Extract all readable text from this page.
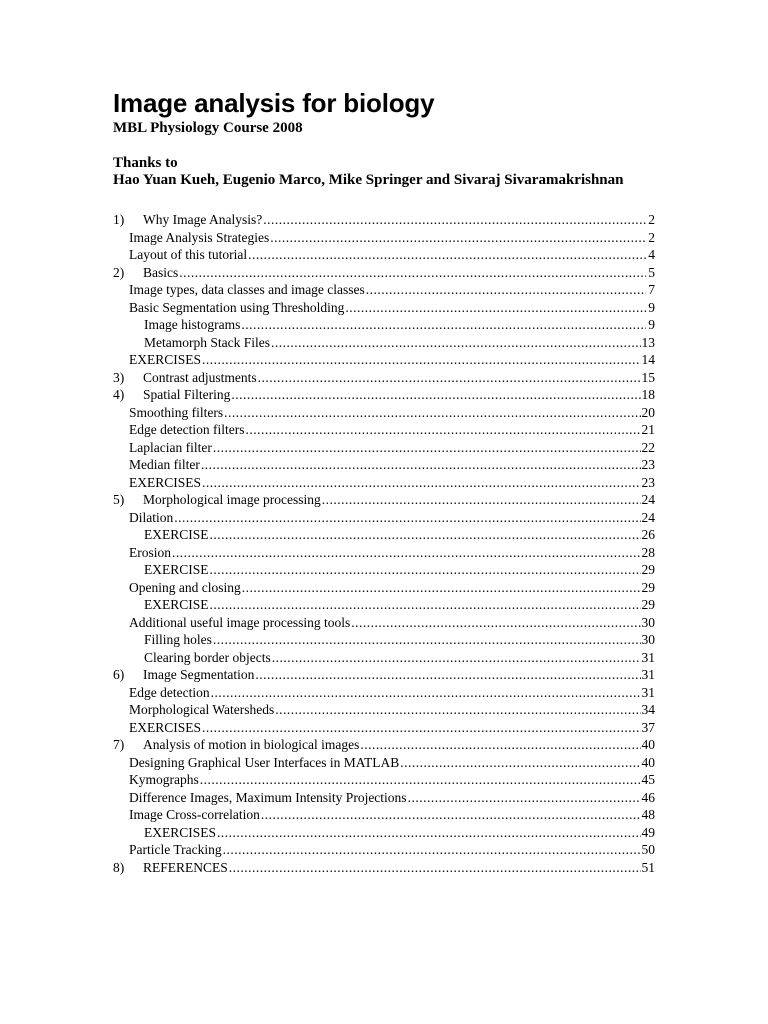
Image analysis for biology
MBL Physiology Course 2008
Thanks to
Hao Yuan Kueh, Eugenio Marco, Mike Springer and Sivaraj Sivaramakrishnan
1)	Why Image Analysis? .....	2
Image Analysis Strategies .....	2
Layout of this tutorial .....	4
2)	Basics .....	5
Image types, data classes and image classes .....	7
Basic Segmentation using Thresholding .....	9
Image histograms .....	9
Metamorph Stack Files .....	13
EXERCISES .....	14
3)	Contrast adjustments .....	15
4)	Spatial Filtering .....	18
Smoothing filters .....	20
Edge detection filters .....	21
Laplacian filter .....	22
Median filter .....	23
EXERCISES .....	23
5)	Morphological image processing .....	24
Dilation .....	24
EXERCISE .....	26
Erosion .....	28
EXERCISE .....	29
Opening and closing .....	29
EXERCISE .....	29
Additional useful image processing tools .....	30
Filling holes .....	30
Clearing border objects .....	31
6)	Image Segmentation .....	31
Edge detection .....	31
Morphological Watersheds .....	34
EXERCISES .....	37
7)	Analysis of motion in biological images .....	40
Designing Graphical User Interfaces in MATLAB .....	40
Kymographs .....	45
Difference Images, Maximum Intensity Projections .....	46
Image Cross-correlation .....	48
EXERCISES .....	49
Particle Tracking .....	50
8)	REFERENCES .....	51
